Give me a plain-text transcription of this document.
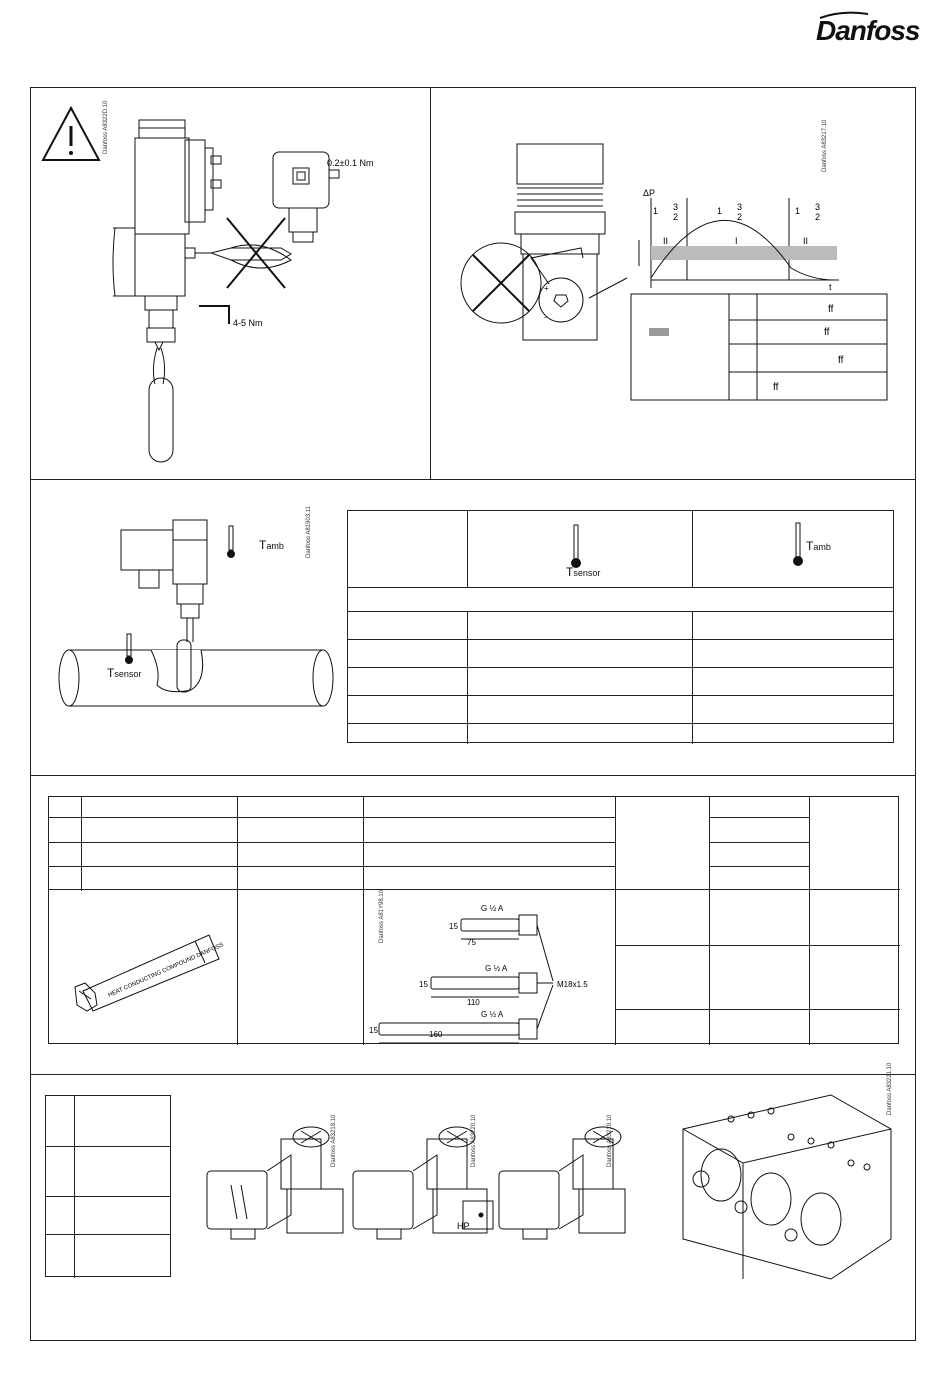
Danfoss
4-5 Nm
0.2±0.1 Nm
Danfoss A8322D.10
+
-
ΔP
t
II	I	II
1 3
2
1 3
2
1 3
2
ff
ff
ff
ff
Danfoss A83217.10
Tamb
Tsensor
Danfoss A81903.11
Tsensor
Tamb
HEAT CONDUCTING COMPOUND DANFOSS
G ½ A
G ½ A
G ½ A
M18x1.5
75
110
160
15
15
15
Danfoss A81Y98.10
HP
Danfoss A83218.10	Danfoss A83220.10	Danfoss A83219.10
Danfoss A83221.10
